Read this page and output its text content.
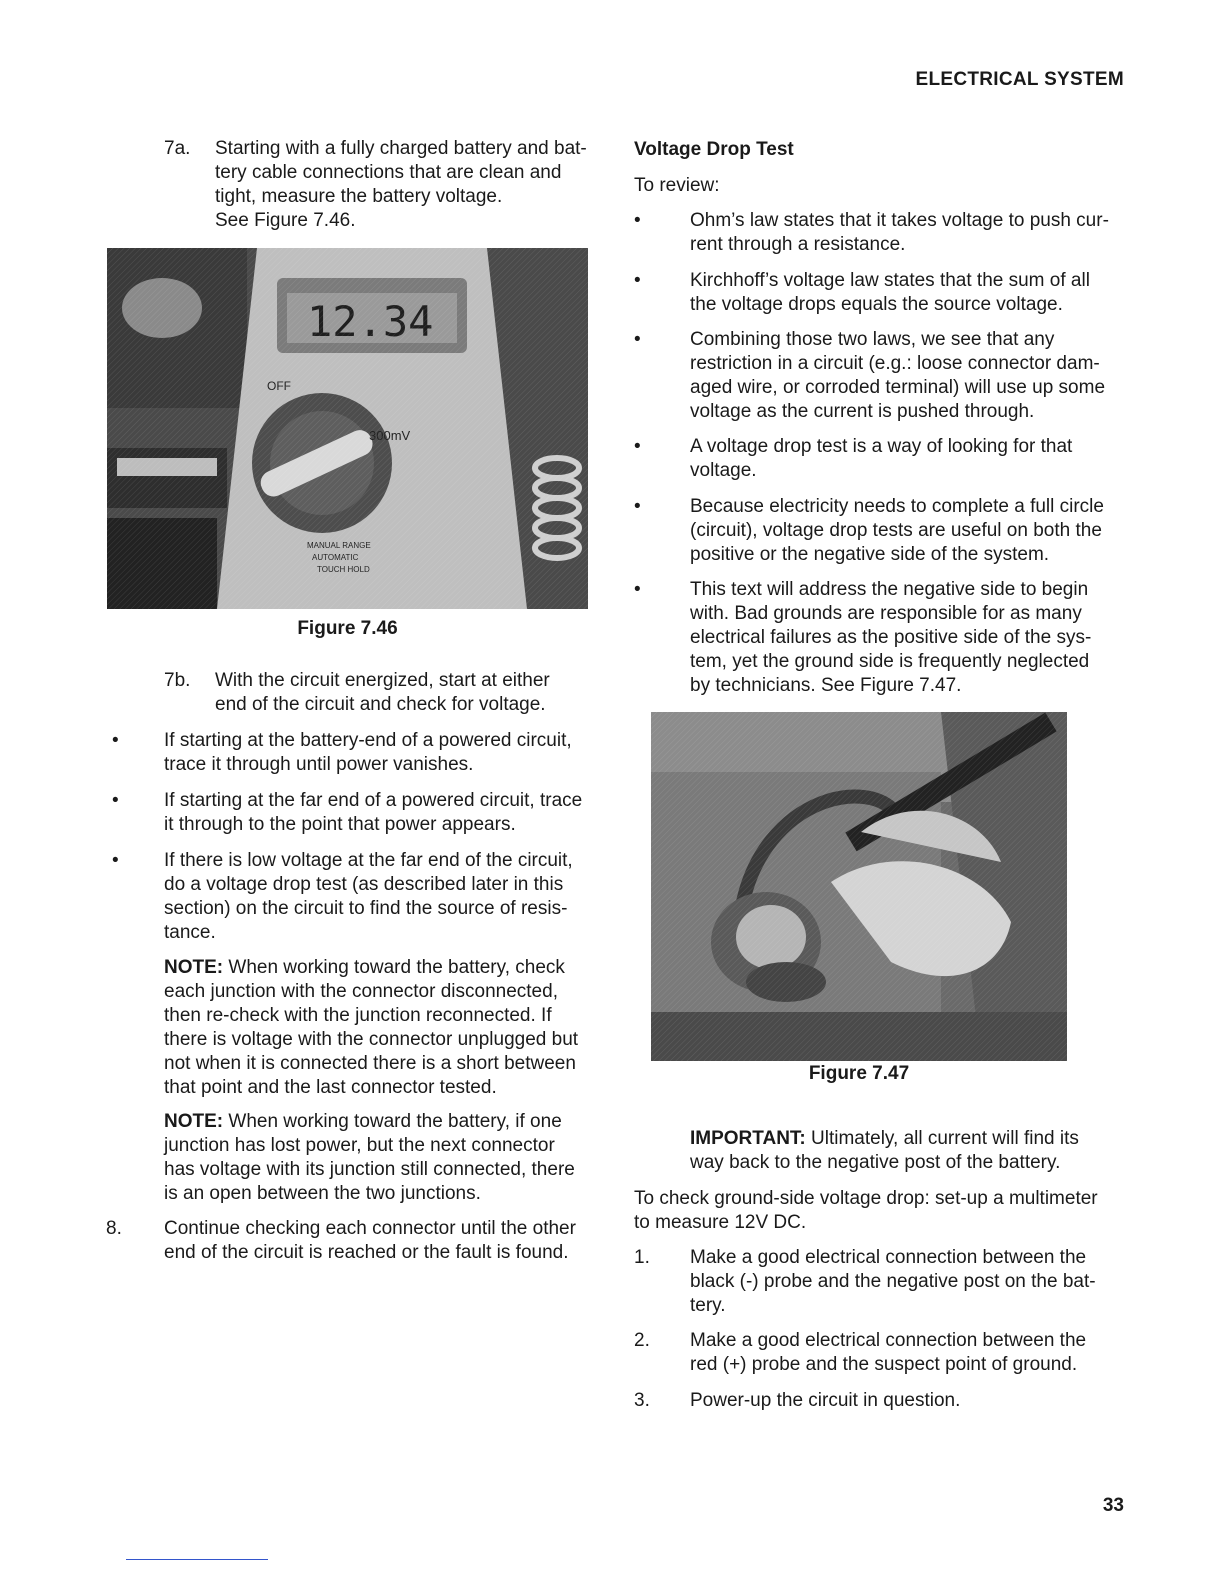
ELECTRICAL SYSTEM
7a. Starting with a fully charged battery and bat-
tery cable connections that are clean and
tight, measure the battery voltage.
See Figure 7.46.
Figure 7.46
7b. With the circuit energized, start at either
end of the circuit and check for voltage.
• If starting at the battery-end of a powered circuit,
trace it through until power vanishes.
• If starting at the far end of a powered circuit, trace
it through to the point that power appears.
• If there is low voltage at the far end of the circuit,
do a voltage drop test (as described later in this
section) on the circuit to find the source of resis-
tance.
NOTE: When working toward the battery, check
each junction with the connector disconnected,
then re-check with the junction reconnected. If
there is voltage with the connector unplugged but
not when it is connected there is a short between
that point and the last connector tested.
NOTE: When working toward the battery, if one
junction has lost power, but the next connector
has voltage with its junction still connected, there
is an open between the two junctions.
8. Continue checking each connector until the other
end of the circuit is reached or the fault is found.
Voltage Drop Test
To review:
•	Ohm’s law states that it takes voltage to push cur-
rent through a resistance.
•	Kirchhoff’s voltage law states that the sum of all
the voltage drops equals the source voltage.
•	Combining those two laws, we see that any
restriction in a circuit (e.g.: loose connector dam-
aged wire, or corroded terminal) will use up some
voltage as the current is pushed through.
•	A voltage drop test is a way of looking for that
voltage.
•	Because electricity needs to complete a full circle
(circuit), voltage drop tests are useful on both the
positive or the negative side of the system.
•	This text will address the negative side to begin
with. Bad grounds are responsible for as many
electrical failures as the positive side of the sys-
tem, yet the ground side is frequently neglected
by technicians. See Figure 7.47.
Figure 7.47
IMPORTANT: Ultimately, all current will find its
way back to the negative post of the battery.
To check ground-side voltage drop: set-up a multimeter
to measure 12V DC.
1. Make a good electrical connection between the
black (-) probe and the negative post on the bat-
tery.
2. Make a good electrical connection between the
red (+) probe and the suspect point of ground.
3. Power-up the circuit in question.
33
